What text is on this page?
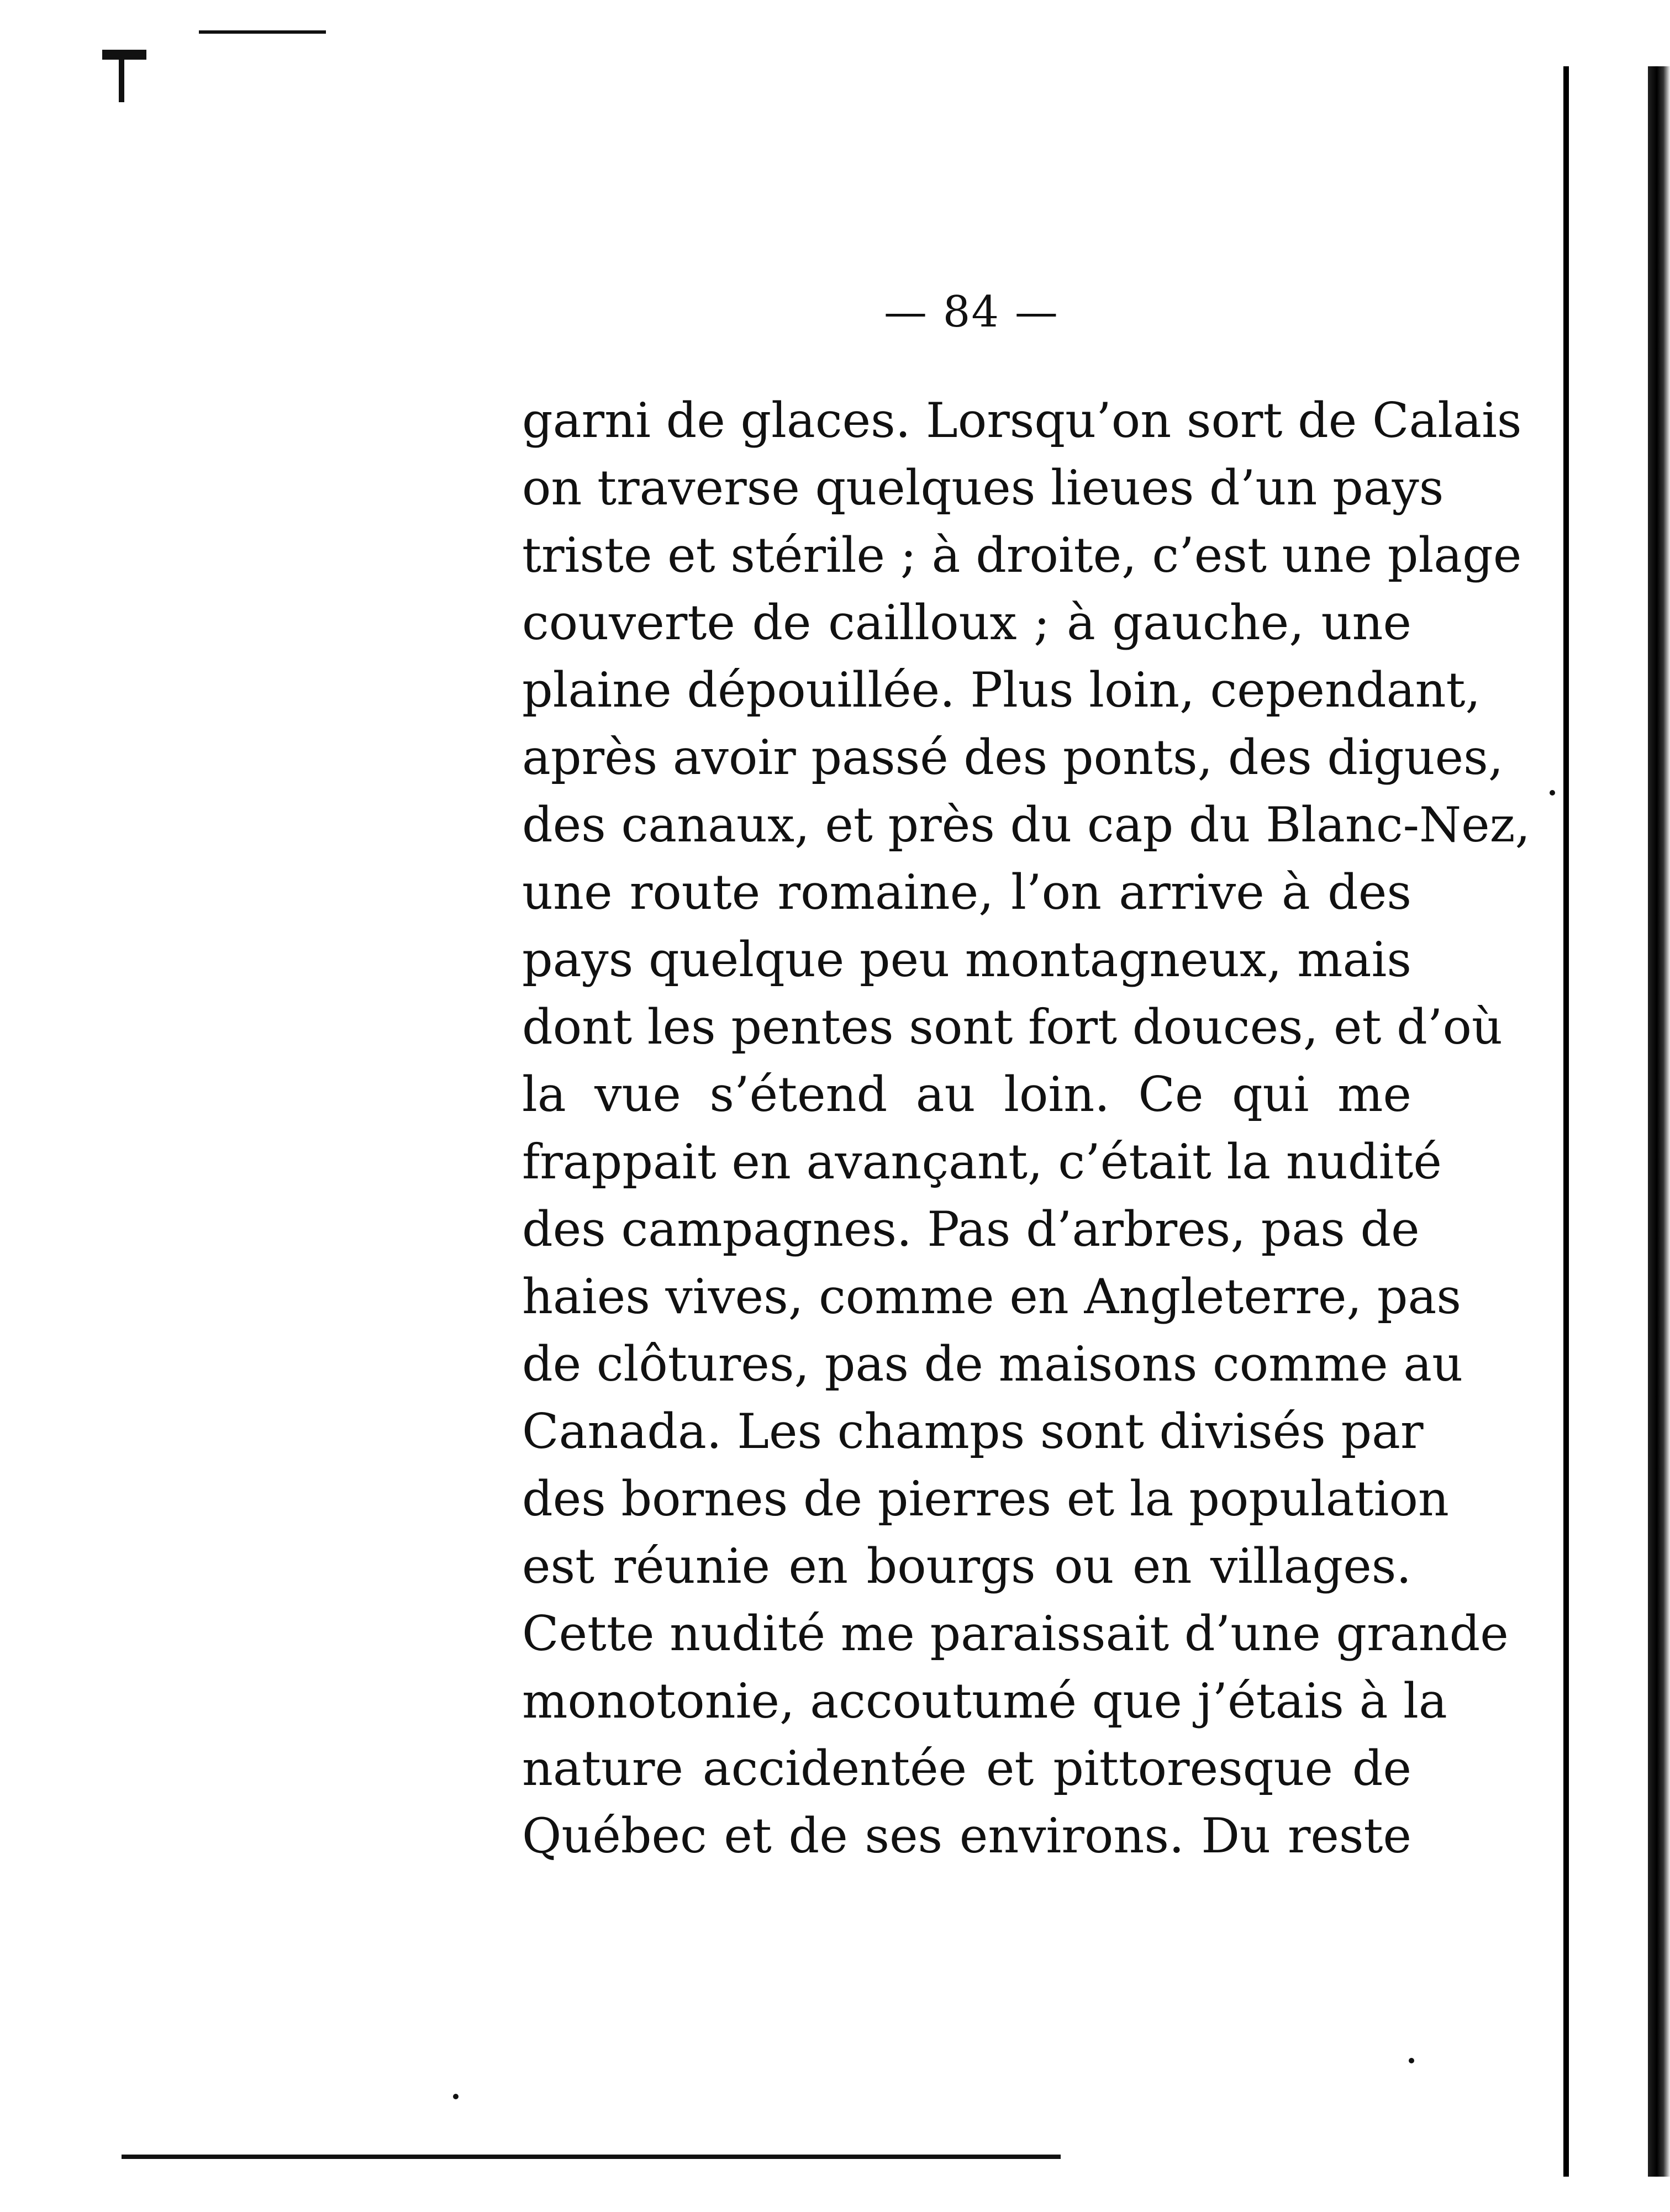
— 84 —
garni de glaces. Lorsqu’on sort de Calais
on traverse quelques lieues d’un pays
triste et stérile ; à droite, c’est une plage
couverte de cailloux ; à gauche, une
plaine dépouillée. Plus loin, cependant,
après avoir passé des ponts, des digues,
des canaux, et près du cap du Blanc-Nez,
une route romaine, l’on arrive à des
pays quelque peu montagneux, mais
dont les pentes sont fort douces, et d’où
la vue s’étend au loin. Ce qui me
frappait en avançant, c’était la nudité
des campagnes. Pas d’arbres, pas de
haies vives, comme en Angleterre, pas
de clôtures, pas de maisons comme au
Canada. Les champs sont divisés par
des bornes de pierres et la population
est réunie en bourgs ou en villages.
Cette nudité me paraissait d’une grande
monotonie, accoutumé que j’étais à la
nature accidentée et pittoresque de
Québec et de ses environs. Du reste
